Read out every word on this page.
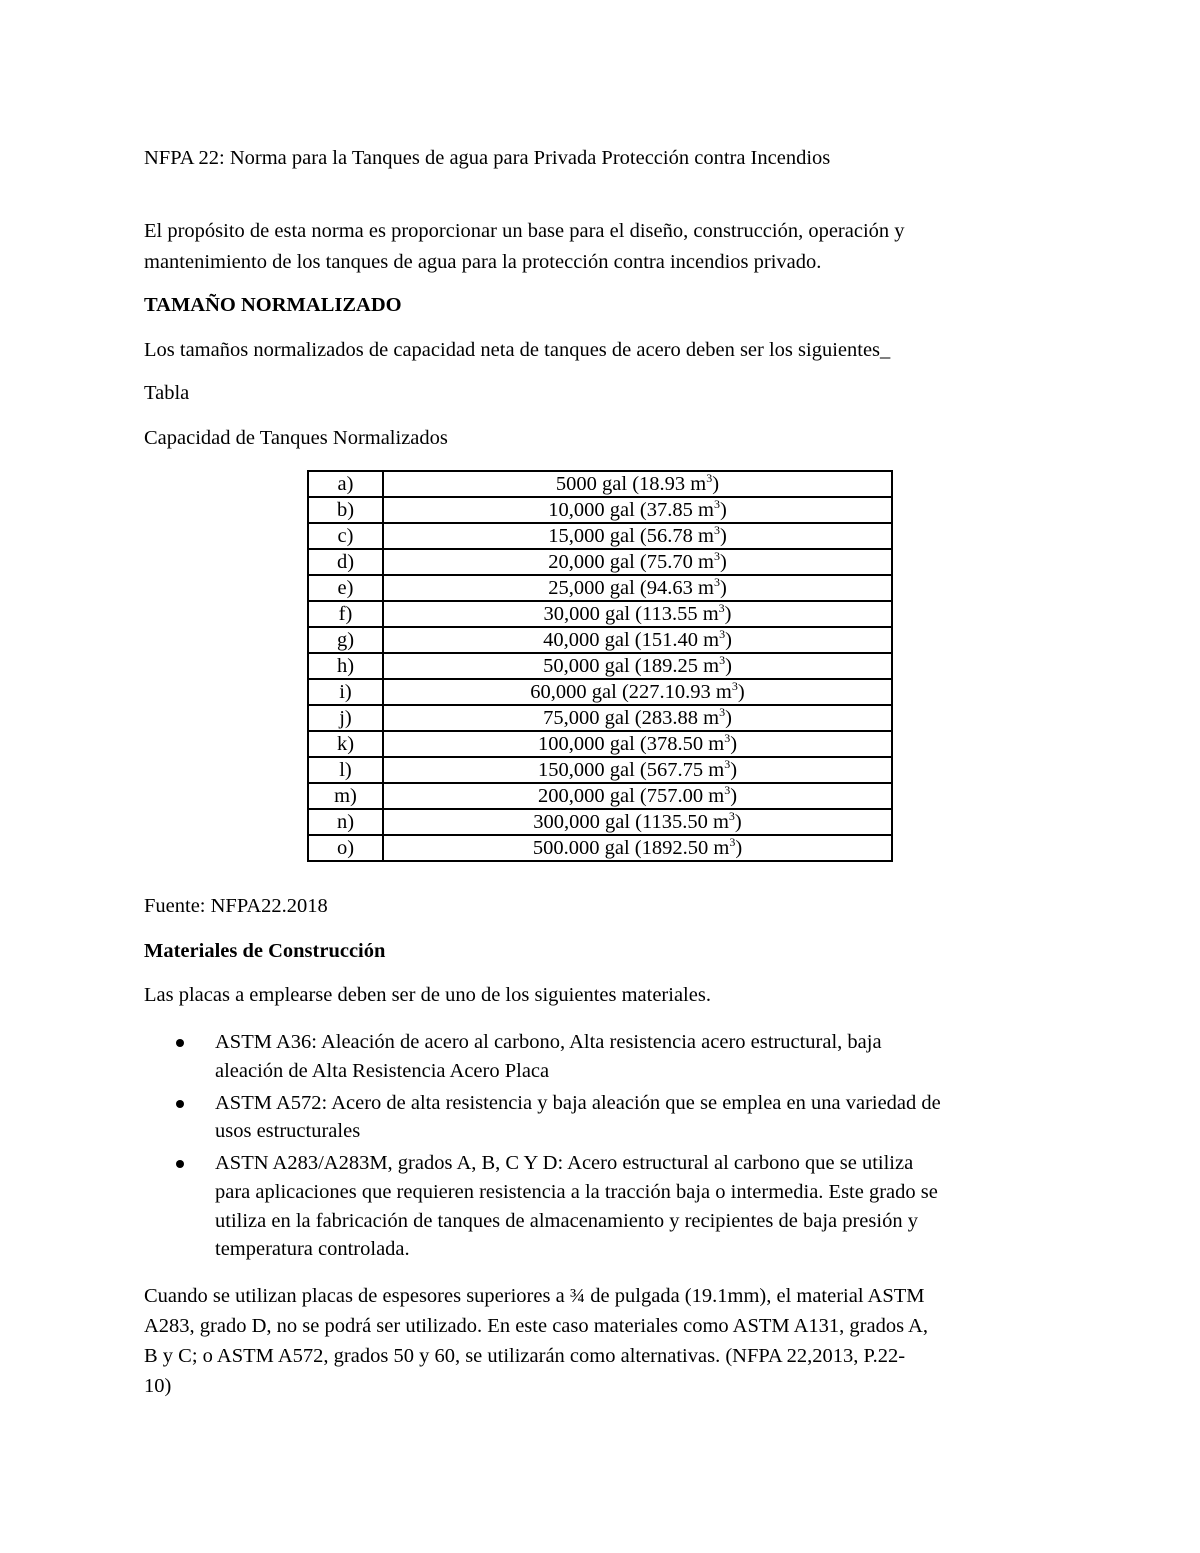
NFPA 22: Norma para la Tanques de agua para Privada Protección contra Incendios
El propósito de esta norma es proporcionar un base para el diseño, construcción, operación y
mantenimiento de los tanques de agua para la protección contra incendios privado.
TAMAÑO NORMALIZADO
Los tamaños normalizados de capacidad neta de tanques de acero deben ser los siguientes_
Tabla
Capacidad de Tanques Normalizados
a)	5000 gal (18.93 $m^3$)
b)	10,000 gal (37.85 $m^3$)
c)	15,000 gal (56.78 $m^3$)
d)	20,000 gal (75.70 $m^3$)
e)	25,000 gal (94.63 $m^3$)
f)	30,000 gal (113.55 $m^3$)
g)	40,000 gal (151.40 $m^3$)
h)	50,000 gal (189.25 $m^3$)
i)	60,000 gal (227.10.93 $m^3$)
j)	75,000 gal (283.88 $m^3$)
k)	100,000 gal (378.50 $m^3$)
l)	150,000 gal (567.75 $m^3$)
m)	200,000 gal (757.00 $m^3$)
n)	300,000 gal (1135.50 $m^3$)
o)	500.000 gal (1892.50 $m^3$)
Fuente: NFPA22.2018
Materiales de Construcción
Las placas a emplearse deben ser de uno de los siguientes materiales.
ASTM A36: Aleación de acero al carbono, Alta resistencia acero estructural, baja
aleación de Alta Resistencia Acero Placa
ASTM A572: Acero de alta resistencia y baja aleación que se emplea en una variedad de
usos estructurales
ASTN A283/A283M, grados A, B, C Y D: Acero estructural al carbono que se utiliza
para aplicaciones que requieren resistencia a la tracción baja o intermedia. Este grado se
utiliza en la fabricación de tanques de almacenamiento y recipientes de baja presión y
temperatura controlada.
Cuando se utilizan placas de espesores superiores a ¾ de pulgada (19.1mm), el material ASTM
A283, grado D, no se podrá ser utilizado. En este caso materiales como ASTM A131, grados A,
B y C; o ASTM A572, grados 50 y 60, se utilizarán como alternativas. (NFPA 22,2013, P.22-
10)
